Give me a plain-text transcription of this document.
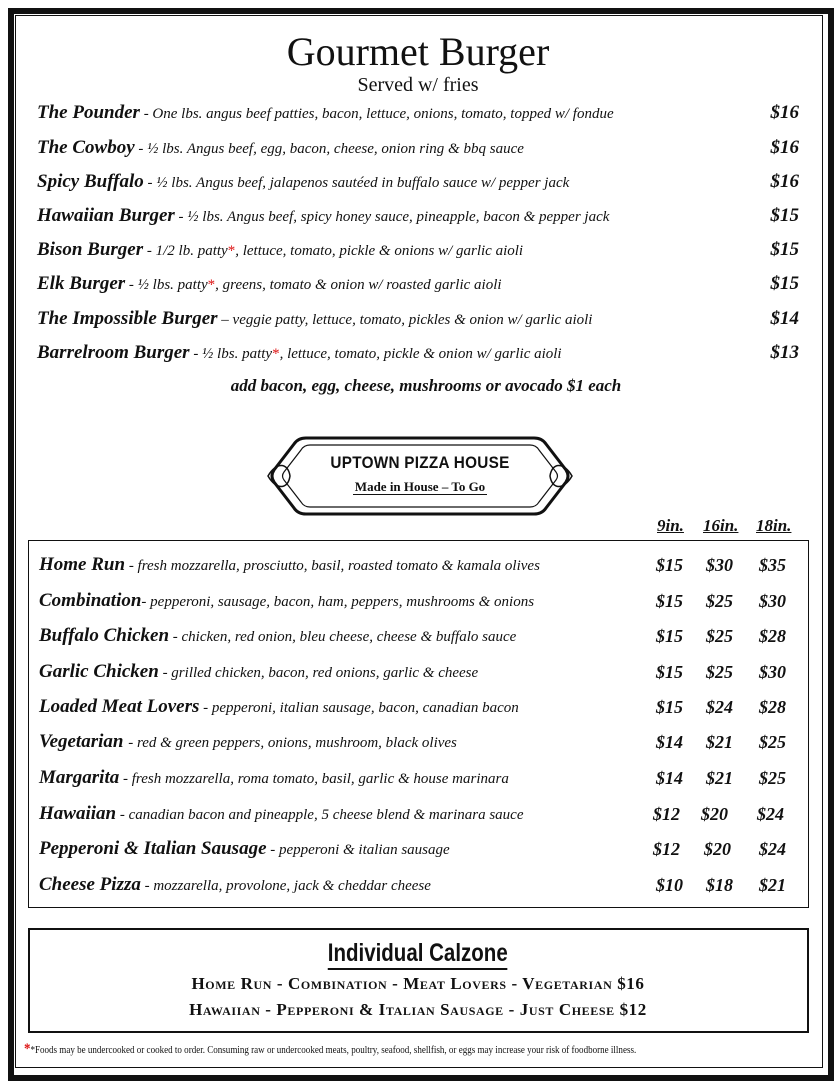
Gourmet Burger
Served w/ fries
The Pounder - One lbs. angus beef patties, bacon, lettuce, onions, tomato, topped w/ fondue	$16
The Cowboy - ½ lbs. Angus beef, egg, bacon, cheese, onion ring & bbq sauce	$16
Spicy Buffalo - ½ lbs. Angus beef, jalapenos sautéed in buffalo sauce w/ pepper jack	$16
Hawaiian Burger - ½ lbs. Angus beef, spicy honey sauce, pineapple, bacon & pepper jack	$15
Bison Burger - 1/2 lb. patty*, lettuce, tomato, pickle & onions w/ garlic aioli	$15
Elk Burger - ½ lbs. patty*, greens, tomato & onion w/ roasted garlic aioli	$15
The Impossible Burger – veggie patty, lettuce, tomato, pickles & onion w/ garlic aioli	$14
Barrelroom Burger - ½ lbs. patty*, lettuce, tomato, pickle & onion w/ garlic aioli	$13
add bacon, egg, cheese, mushrooms or avocado $1 each
UPTOWN PIZZA HOUSE
Made in House – To Go
9in. 16in. 18in.
Home Run - fresh mozzarella, prosciutto, basil, roasted tomato & kamala olives	$15 $30 $35
Combination- pepperoni, sausage, bacon, ham, peppers, mushrooms & onions	$15 $25 $30
Buffalo Chicken - chicken, red onion, bleu cheese, cheese & buffalo sauce	$15 $25 $28
Garlic Chicken - grilled chicken, bacon, red onions, garlic & cheese	$15 $25 $30
Loaded Meat Lovers - pepperoni, italian sausage, bacon, canadian bacon	$15 $24 $28
Vegetarian - red & green peppers, onions, mushroom, black olives	$14 $21 $25
Margarita - fresh mozzarella, roma tomato, basil, garlic & house marinara	$14 $21 $25
Hawaiian - canadian bacon and pineapple, 5 cheese blend & marinara sauce	$12 $20 $24
Pepperoni & Italian Sausage - pepperoni & italian sausage	$12 $20 $24
Cheese Pizza - mozzarella, provolone, jack & cheddar cheese	$10 $18 $21
Individual Calzone
Home Run - Combination - Meat Lovers - Vegetarian $16
Hawaiian - Pepperoni & Italian Sausage - Just Cheese $12
**Foods may be undercooked or cooked to order. Consuming raw or undercooked meats, poultry, seafood, shellfish, or eggs may increase your risk of foodborne illness.
